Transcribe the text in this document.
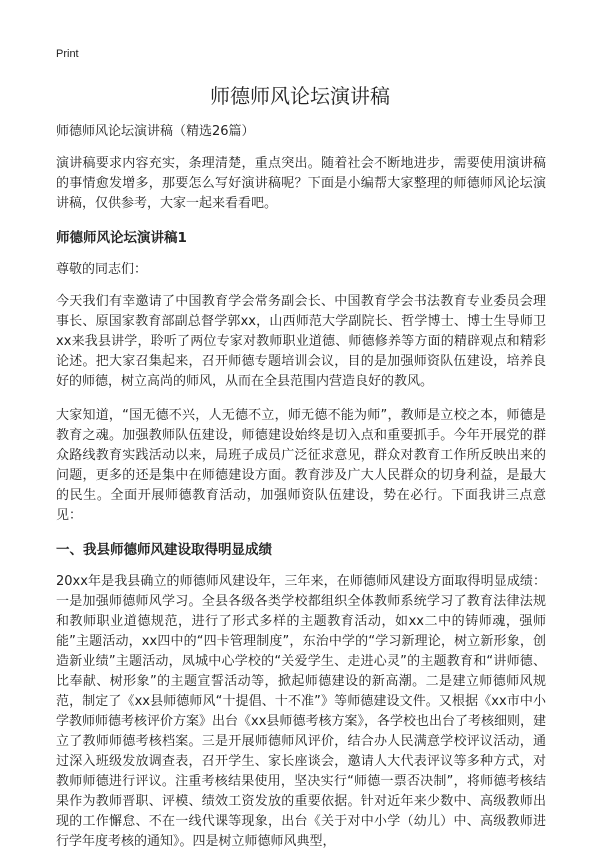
Print
师德师风论坛演讲稿

师德师风论坛演讲稿（精选26篇）

演讲稿要求内容充实，条理清楚，重点突出。随着社会不断地进步，需要使用演讲稿的事情愈发增多，那要怎么写好演讲稿呢？下面是小编帮大家整理的师德师风论坛演讲稿，仅供参考，大家一起来看看吧。

师德师风论坛演讲稿1

尊敬的同志们：

今天我们有幸邀请了中国教育学会常务副会长、中国教育学会书法教育专业委员会理事长、原国家教育部副总督学郭xx，山西师范大学副院长、哲学博士、博士生导师卫xx来我县讲学，聆听了两位专家对教师职业道德、师德修养等方面的精辟观点和精彩论述。把大家召集起来，召开师德专题培训会议，目的是加强师资队伍建设，培养良好的师德，树立高尚的师风，从而在全县范围内营造良好的教风。

大家知道，“国无德不兴，人无德不立，师无德不能为师”，教师是立校之本，师德是教育之魂。加强教师队伍建设，师德建设始终是切入点和重要抓手。今年开展党的群众路线教育实践活动以来，局班子成员广泛征求意见，群众对教育工作所反映出来的问题，更多的还是集中在师德建设方面。教育涉及广大人民群众的切身利益，是最大的民生。全面开展师德教育活动，加强师资队伍建设，势在必行。下面我讲三点意见：

一、我县师德师风建设取得明显成绩

20xx年是我县确立的师德师风建设年，三年来，在师德师风建设方面取得明显成绩：一是加强师德师风学习。全县各级各类学校都组织全体教师系统学习了教育法律法规和教师职业道德规范，进行了形式多样的主题教育活动，如xx二中的铸师魂，强师能”主题活动，xx四中的“四卡管理制度”，东治中学的“学习新理论，树立新形象，创造新业绩”主题活动，凤城中心学校的“关爱学生、走进心灵”的主题教育和“讲师德、比奉献、树形象”的主题宣誓活动等，掀起师德建设的新高潮。二是建立师德师风规范，制定了《xx县师德师风“十提倡、十不准”》等师德建设文件。又根据《xx市中小学教师师德考核评价方案》出台《xx县师德考核方案》，各学校也出台了考核细则，建立了教师师德考核档案。三是开展师德师风评价，结合办人民满意学校评议活动，通过深入班级发放调查表，召开学生、家长座谈会，邀请人大代表评议等多种方式，对教师师德进行评议。注重考核结果使用，坚决实行“师德一票否决制”，将师德考核结果作为教师晋职、评模、绩效工资发放的重要依据。针对近年来少数中、高级教师出现的工作懈怠、不在一线代课等现象，出台《关于对中小学（幼儿）中、高级教师进行学年度考核的通知》。四是树立师德师风典型，
